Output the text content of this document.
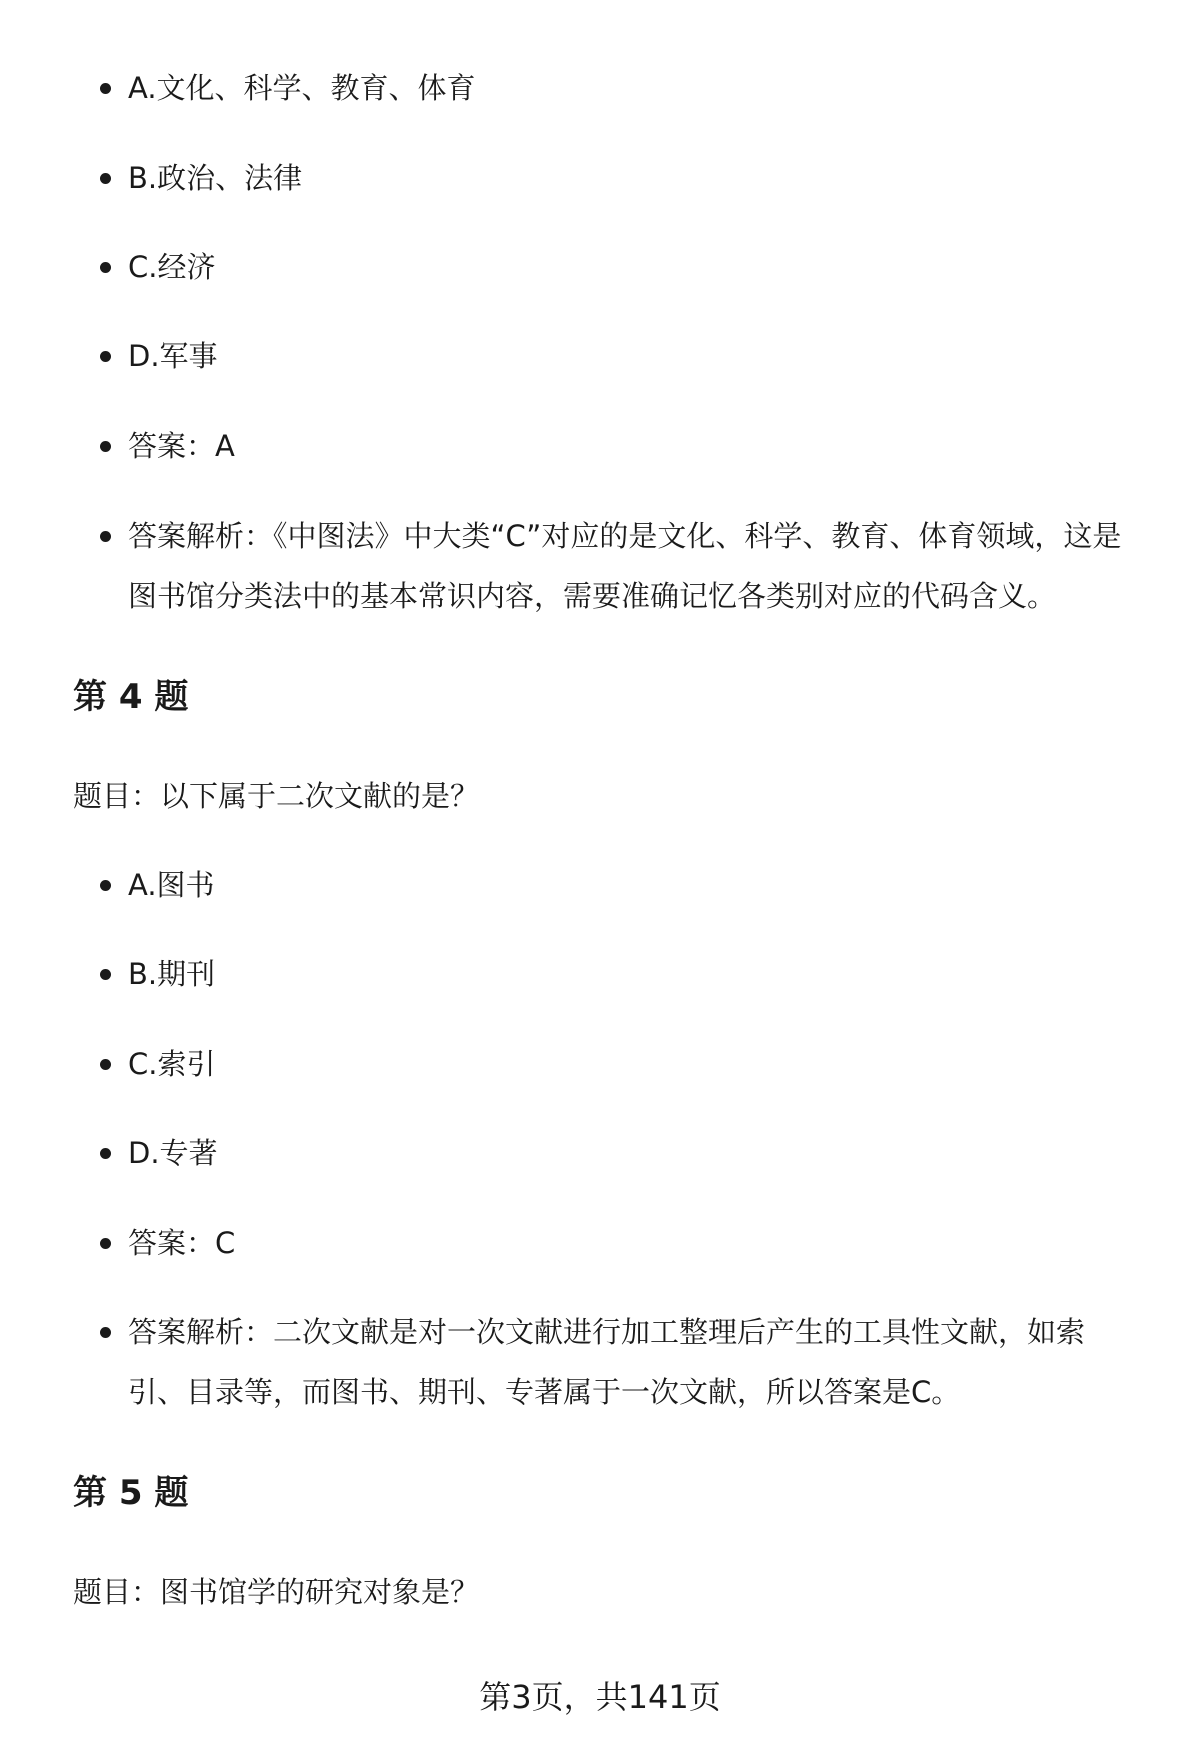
A.文化、科学、教育、体育
B.政治、法律
C.经济
D.军事
答案：A
答案解析：《中图法》中大类“C”对应的是文化、科学、教育、体育领域，这是图书馆分类法中的基本常识内容，需要准确记忆各类别对应的代码含义。
第 4 题

题目：以下属于二次文献的是？

A.图书
B.期刊
C.索引
D.专著
答案：C
答案解析：二次文献是对一次文献进行加工整理后产生的工具性文献，如索引、目录等，而图书、期刊、专著属于一次文献，所以答案是C。
第 5 题

题目：图书馆学的研究对象是？

第3页，共141页
